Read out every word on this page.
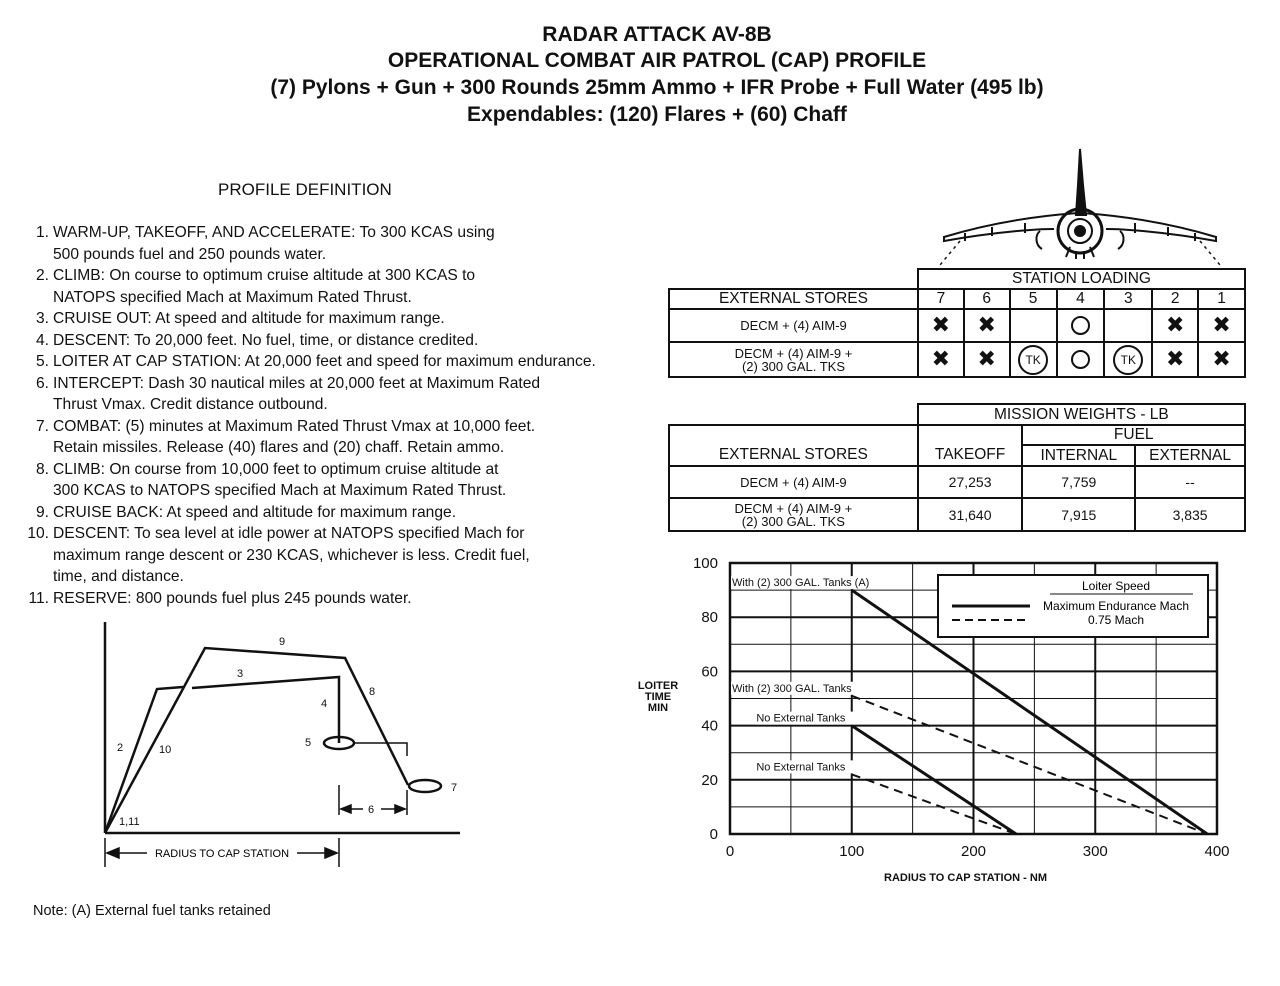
RADAR ATTACK AV-8B
OPERATIONAL COMBAT AIR PATROL (CAP) PROFILE
(7) Pylons + Gun + 300 Rounds 25mm Ammo + IFR Probe + Full Water (495 lb)
Expendables: (120) Flares + (60) Chaff
PROFILE DEFINITION
1. WARM-UP, TAKEOFF, AND ACCELERATE: To 300 KCAS using
500 pounds fuel and 250 pounds water.
2. CLIMB: On course to optimum cruise altitude at 300 KCAS to
NATOPS specified Mach at Maximum Rated Thrust.
3. CRUISE OUT: At speed and altitude for maximum range.
4. DESCENT: To 20,000 feet. No fuel, time, or distance credited.
5. LOITER AT CAP STATION: At 20,000 feet and speed for maximum endurance.
6. INTERCEPT: Dash 30 nautical miles at 20,000 feet at Maximum Rated
Thrust Vmax. Credit distance outbound.
7. COMBAT: (5) minutes at Maximum Rated Thrust Vmax at 10,000 feet.
Retain missiles. Release (40) flares and (20) chaff. Retain ammo.
8. CLIMB: On course from 10,000 feet to optimum cruise altitude at
300 KCAS to NATOPS specified Mach at Maximum Rated Thrust.
9. CRUISE BACK: At speed and altitude for maximum range.
10. DESCENT: To sea level at idle power at NATOPS specified Mach for
maximum range descent or 230 KCAS, whichever is less. Credit fuel,
time, and distance.
11. RESERVE: 800 pounds fuel plus 245 pounds water.
1,11
2	10
3
9
4
8
5
6
7
RADIUS TO CAP STATION
Note: (A) External fuel tanks retained
	STATION LOADING						
EXTERNAL STORES	7	6	5	4	3	2	1

DECM + (4) AIM-9	✖	✖				✖	✖

DECM + (4) AIM-9 +
(2) 300 GAL. TKS	✖	✖	TK		TK	✖	✖
	MISSION WEIGHTS - LB		
EXTERNAL STORES	TAKEOFF	FUEL	
		INTERNAL	EXTERNAL

DECM + (4) AIM-9	27,253	7,759	--

DECM + (4) AIM-9 +
(2) 300 GAL. TKS	31,640	7,915	3,835
0	100	200	300	400
0
20
40
60
80
100
With (2) 300 GAL. Tanks (A)
With (2) 300 GAL. Tanks
No External Tanks
No External Tanks
Loiter Speed
Maximum Endurance Mach
0.75 Mach
LOITER
TIME
MIN
RADIUS TO CAP STATION - NM
